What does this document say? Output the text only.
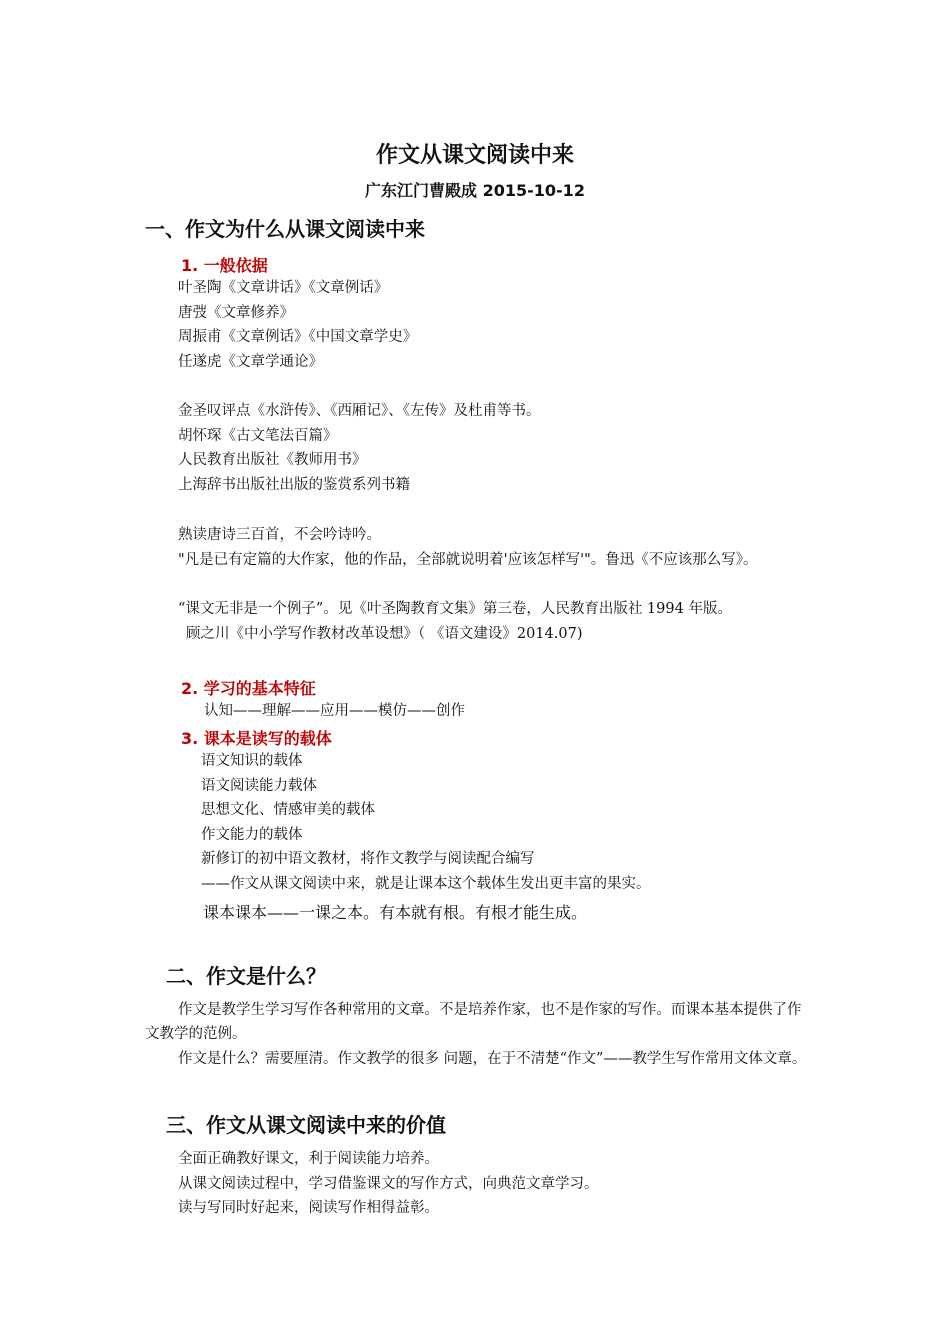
作文从课文阅读中来
广东江门曹殿成 2015-10-12
一、作文为什么从课文阅读中来
1. 一般依据
叶圣陶《文章讲话》《文章例话》
唐弢《文章修养》
周振甫《文章例话》《中国文章学史》
任遂虎《文章学通论》
金圣叹评点《水浒传》、《西厢记》、《左传》及杜甫等书。
胡怀琛《古文笔法百篇》
人民教育出版社《教师用书》
上海辞书出版社出版的鉴赏系列书籍
熟读唐诗三百首，不会吟诗吟。
"凡是已有定篇的大作家，他的作品，全部就说明着'应该怎样写'"。鲁迅《不应该那么写》。
“课文无非是一个例子”。见《叶圣陶教育文集》第三卷，人民教育出版社 1994 年版。
顾之川《中小学写作教材改革设想》（ 《语文建设》2014.07)
2. 学习的基本特征
认知——理解——应用——模仿——创作
3. 课本是读写的载体
语文知识的载体
语文阅读能力载体
思想文化、情感审美的载体
作文能力的载体
新修订的初中语文教材，将作文教学与阅读配合编写
——作文从课文阅读中来，就是让课本这个载体生发出更丰富的果实。
课本课本——一课之本。有本就有根。有根才能生成。
二、作文是什么？
作文是教学生学习写作各种常用的文章。不是培养作家，也不是作家的写作。而课本基本提供了作文教学的范例。
作文是什么？需要厘清。作文教学的很多 问题，在于不清楚“作文”——教学生写作常用文体文章。
三、作文从课文阅读中来的价值
全面正确教好课文，利于阅读能力培养。
从课文阅读过程中，学习借鉴课文的写作方式，向典范文章学习。
读与写同时好起来，阅读写作相得益彰。
